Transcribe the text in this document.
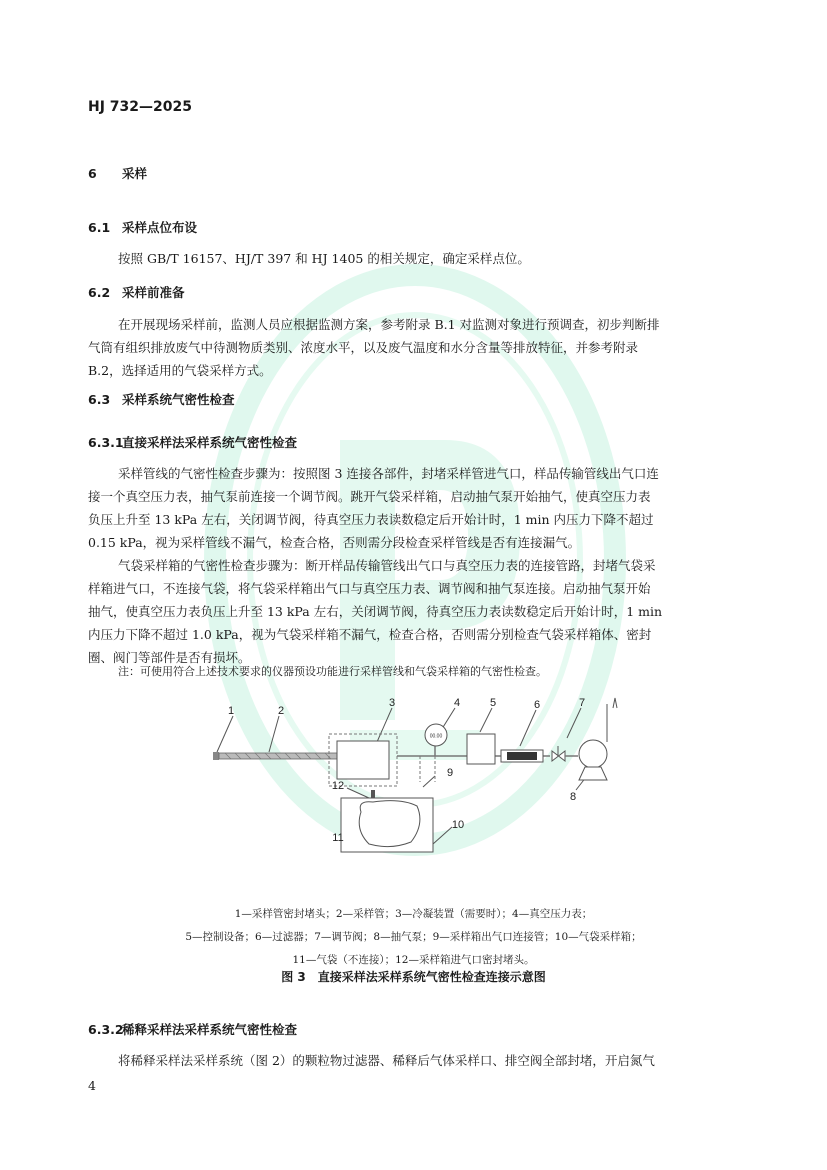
HJ 732—2025
6 采样
6.1 采样点位布设
按照 GB/T 16157、HJ/T 397 和 HJ 1405 的相关规定，确定采样点位。
6.2 采样前准备
在开展现场采样前，监测人员应根据监测方案，参考附录 B.1 对监测对象进行预调查，初步判断排
气筒有组织排放废气中待测物质类别、浓度水平，以及废气温度和水分含量等排放特征，并参考附录
B.2，选择适用的气袋采样方式。
6.3 采样系统气密性检查
6.3.1直接采样法采样系统气密性检查
采样管线的气密性检查步骤为：按照图 3 连接各部件，封堵采样管进气口，样品传输管线出气口连
接一个真空压力表，抽气泵前连接一个调节阀。跳开气袋采样箱，启动抽气泵开始抽气，使真空压力表
负压上升至 13 kPa 左右，关闭调节阀，待真空压力表读数稳定后开始计时，1 min 内压力下降不超过
0.15 kPa，视为采样管线不漏气，检查合格，否则需分段检查采样管线是否有连接漏气。
气袋采样箱的气密性检查步骤为：断开样品传输管线出气口与真空压力表的连接管路，封堵气袋采
样箱进气口，不连接气袋，将气袋采样箱出气口与真空压力表、调节阀和抽气泵连接。启动抽气泵开始
抽气，使真空压力表负压上升至 13 kPa 左右，关闭调节阀，待真空压力表读数稳定后开始计时，1 min
内压力下降不超过 1.0 kPa，视为气袋采样箱不漏气，检查合格，否则需分别检查气袋采样箱体、密封
圈、阀门等部件是否有损坏。
注：可使用符合上述技术要求的仪器预设功能进行采样管线和气袋采样箱的气密性检查。
00.00
1	2
3	4	5	6	7
8
9
10
11
12
1—采样管密封堵头；2—采样管；3—冷凝装置（需要时）；4—真空压力表；
5—控制设备；6—过滤器；7—调节阀；8—抽气泵；9—采样箱出气口连接管；10—气袋采样箱；
11—气袋（不连接）；12—采样箱进气口密封堵头。
图 3　直接采样法采样系统气密性检查连接示意图
6.3.2稀释采样法采样系统气密性检查
将稀释采样法采样系统（图 2）的颗粒物过滤器、稀释后气体采样口、排空阀全部封堵，开启氮气
4
